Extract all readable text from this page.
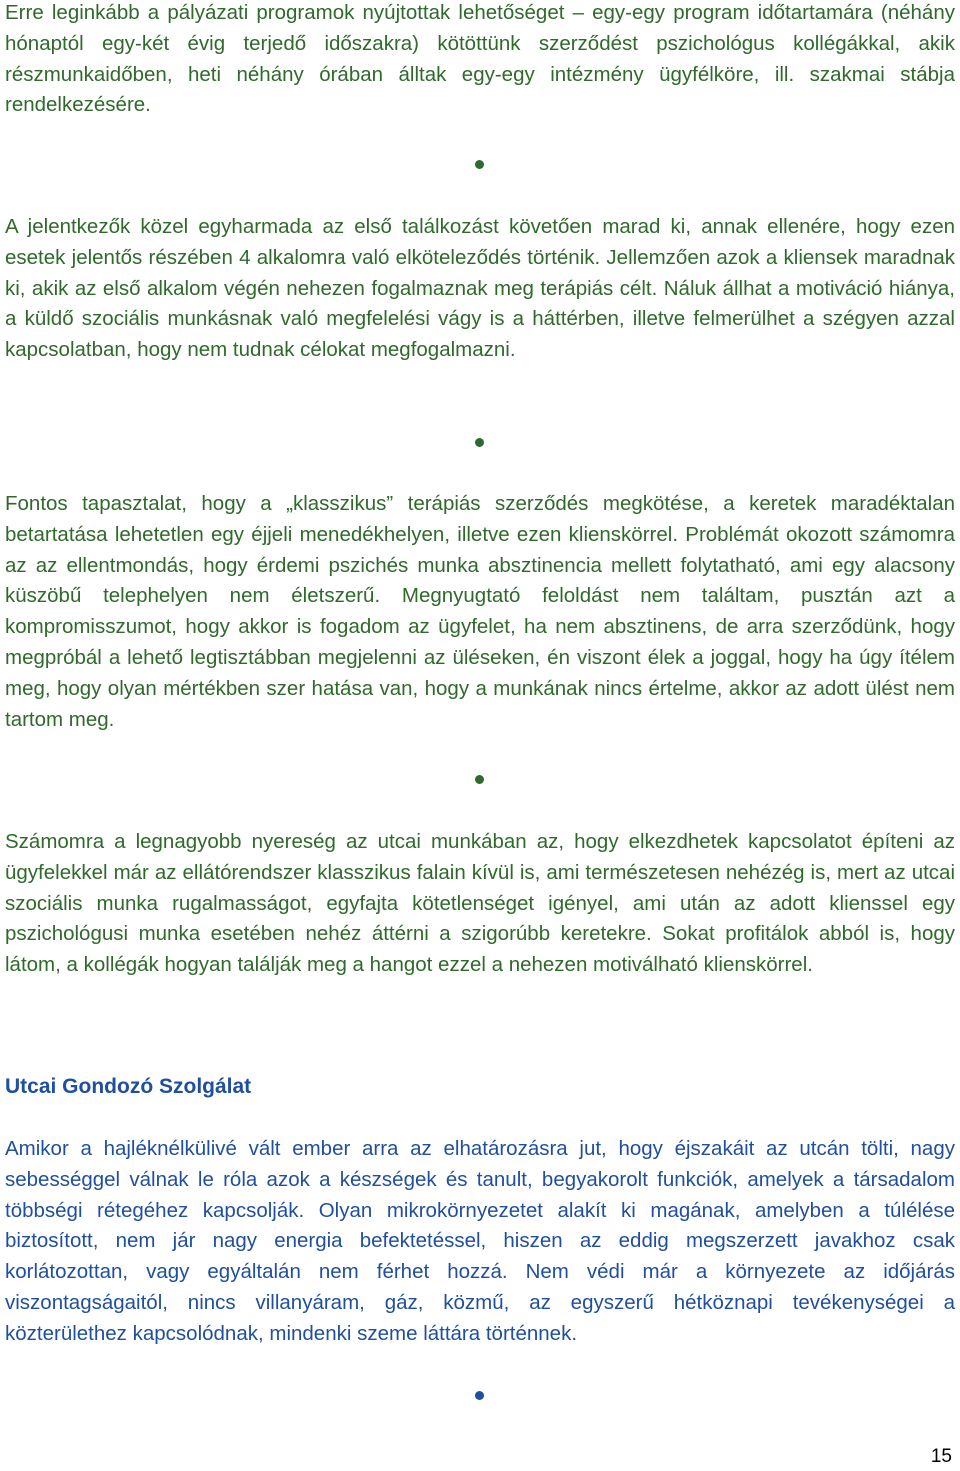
Erre leginkább a pályázati programok nyújtottak lehetőséget – egy-egy program időtartamára (néhány hónaptól egy-két évig terjedő időszakra) kötöttünk szerződést pszichológus kollégákkal, akik részmunkaidőben, heti néhány órában álltak egy-egy intézmény ügyfélköre, ill. szakmai stábja rendelkezésére.

A jelentkezők közel egyharmada az első találkozást követően marad ki, annak ellenére, hogy ezen esetek jelentős részében 4 alkalomra való elköteleződés történik. Jellemzően azok a kliensek maradnak ki, akik az első alkalom végén nehezen fogalmaznak meg terápiás célt. Náluk állhat a motiváció hiánya, a küldő szociális munkásnak való megfelelési vágy is a háttérben, illetve felmerülhet a szégyen azzal kapcsolatban, hogy nem tudnak célokat megfogalmazni.

Fontos tapasztalat, hogy a „klasszikus” terápiás szerződés megkötése, a keretek maradéktalan betartatása lehetetlen egy éjjeli menedékhelyen, illetve ezen klienskörrel. Problémát okozott számomra az az ellentmondás, hogy érdemi pszichés munka absztinencia mellett folytatható, ami egy alacsony küszöbű telephelyen nem életszerű. Megnyugtató feloldást nem találtam, pusztán azt a kompromisszumot, hogy akkor is fogadom az ügyfelet, ha nem absztinens, de arra szerződünk, hogy megpróbál a lehető legtisztábban megjelenni az üléseken, én viszont élek a joggal, hogy ha úgy ítélem meg, hogy olyan mértékben szer hatása van, hogy a munkának nincs értelme, akkor az adott ülést nem tartom meg.

Számomra a legnagyobb nyereség az utcai munkában az, hogy elkezdhetek kapcsolatot építeni az ügyfelekkel már az ellátórendszer klasszikus falain kívül is, ami természetesen nehézég is, mert az utcai szociális munka rugalmasságot, egyfajta kötetlenséget igényel, ami után az adott klienssel egy pszichológusi munka esetében nehéz áttérni a szigorúbb keretekre. Sokat profitálok abból is, hogy látom, a kollégák hogyan találják meg a hangot ezzel a nehezen motiválható klienskörrel.

Utcai Gondozó Szolgálat

Amikor a hajléknélkülivé vált ember arra az elhatározásra jut, hogy éjszakáit az utcán tölti, nagy sebességgel válnak le róla azok a készségek és tanult, begyakorolt funkciók, amelyek a társadalom többségi rétegéhez kapcsolják. Olyan mikrokörnyezetet alakít ki magának, amelyben a túlélése biztosított, nem jár nagy energia befektetéssel, hiszen az eddig megszerzett javakhoz csak korlátozottan, vagy egyáltalán nem férhet hozzá. Nem védi már a környezete az időjárás viszontagságaitól, nincs villanyáram, gáz, közmű, az egyszerű hétköznapi tevékenységei a közterülethez kapcsolódnak, mindenki szeme láttára történnek.

15
